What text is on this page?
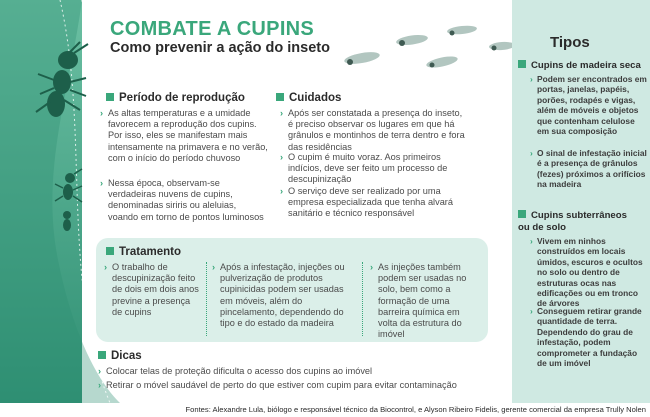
COMBATE A CUPINS
Como prevenir a ação do inseto
Período de reprodução
› As altas temperaturas e a umidade favorecem a reprodução dos cupins. Por isso, eles se manifestam mais intensamente na primavera e no verão, com o início do período chuvoso
› Nessa época, observam-se verdadeiras nuvens de cupins, denominadas siriris ou aleluias, voando em torno de pontos luminosos
Cuidados
› Após ser constatada a presença do inseto, é preciso observar os lugares em que há grânulos e montinhos de terra dentro e fora das residências
› O cupim é muito voraz. Aos primeiros indícios, deve ser feito um processo de descupinização
› O serviço deve ser realizado por uma empresa especializada que tenha alvará sanitário e técnico responsável
Tratamento
› O trabalho de descupinização feito de dois em dois anos previne a presença de cupins
› Após a infestação, injeções ou pulverização de produtos cupinicidas podem ser usadas em móveis, além do pincelamento, dependendo do tipo e do estado da madeira
› As injeções também podem ser usadas no solo, bem como a formação de uma barreira química em volta da estrutura do imóvel
Dicas
› Colocar telas de proteção dificulta o acesso dos cupins ao imóvel
› Retirar o móvel saudável de perto do que estiver com cupim para evitar contaminação
Tipos
Cupins de madeira seca
› Podem ser encontrados em portas, janelas, papéis, porões, rodapés e vigas, além de móveis e objetos que contenham celulose em sua composição
› O sinal de infestação inicial é a presença de grânulos (fezes) próximos a orifícios na madeira
Cupins subterrâneos ou de solo
› Vivem em ninhos construídos em locais úmidos, escuros e ocultos no solo ou dentro de estruturas ocas nas edificações ou em tronco de árvores
› Conseguem retirar grande quantidade de terra. Dependendo do grau de infestação, podem comprometer a fundação de um imóvel
Fontes: Alexandre Lula, biólogo e responsável técnico da Biocontrol, e Alyson Ribeiro Fidelis, gerente comercial da empresa Trully Nolen
